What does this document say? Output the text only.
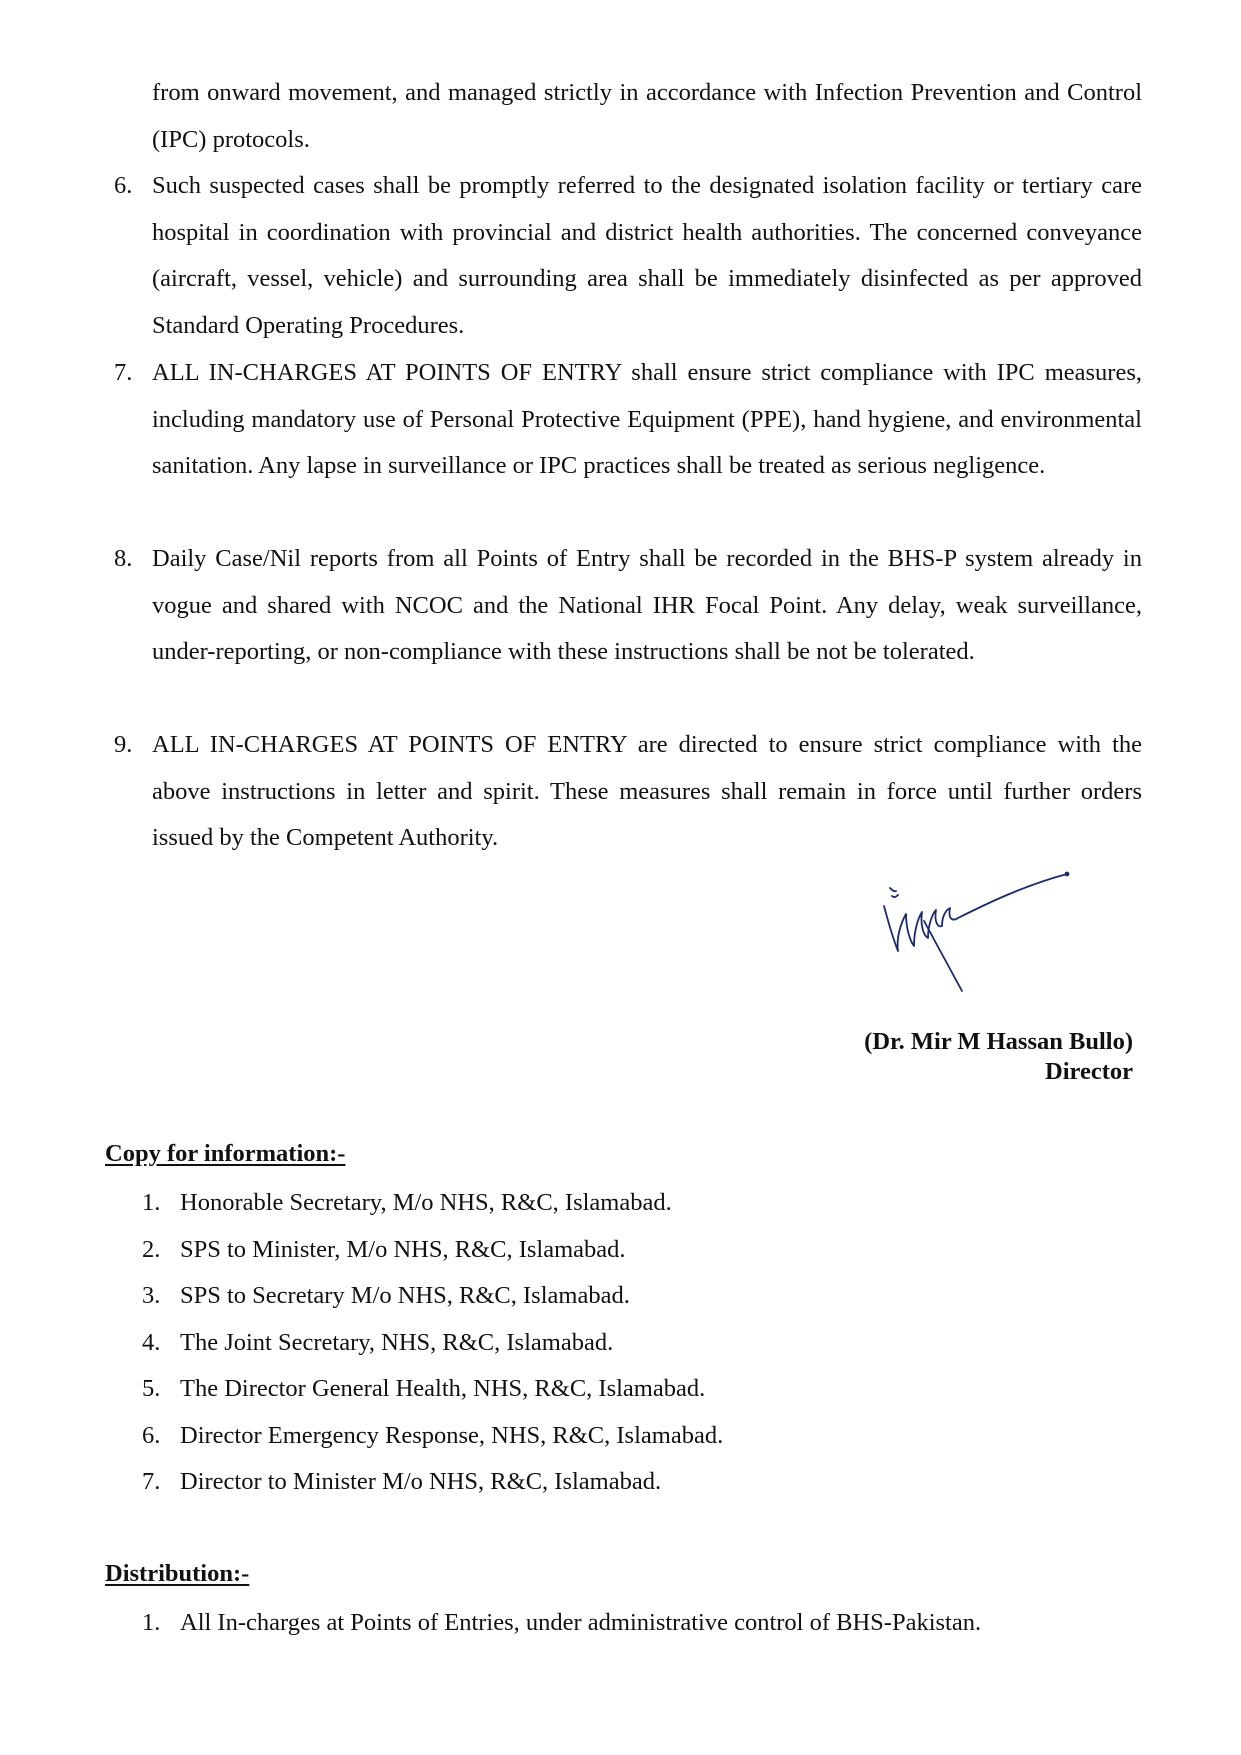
from onward movement, and managed strictly in accordance with Infection Prevention and Control (IPC) protocols.
6. Such suspected cases shall be promptly referred to the designated isolation facility or tertiary care hospital in coordination with provincial and district health authorities. The concerned conveyance (aircraft, vessel, vehicle) and surrounding area shall be immediately disinfected as per approved Standard Operating Procedures.
7. ALL IN-CHARGES AT POINTS OF ENTRY shall ensure strict compliance with IPC measures, including mandatory use of Personal Protective Equipment (PPE), hand hygiene, and environmental sanitation. Any lapse in surveillance or IPC practices shall be treated as serious negligence.
8. Daily Case/Nil reports from all Points of Entry shall be recorded in the BHS-P system already in vogue and shared with NCOC and the National IHR Focal Point. Any delay, weak surveillance, under-reporting, or non-compliance with these instructions shall be not be tolerated.
9. ALL IN-CHARGES AT POINTS OF ENTRY are directed to ensure strict compliance with the above instructions in letter and spirit. These measures shall remain in force until further orders issued by the Competent Authority.
(Dr. Mir M Hassan Bullo)
Director
Copy for information:-
1. Honorable Secretary, M/o NHS, R&C, Islamabad.
2. SPS to Minister, M/o NHS, R&C, Islamabad.
3. SPS to Secretary M/o NHS, R&C, Islamabad.
4. The Joint Secretary, NHS, R&C, Islamabad.
5. The Director General Health, NHS, R&C, Islamabad.
6. Director Emergency Response, NHS, R&C, Islamabad.
7. Director to Minister M/o NHS, R&C, Islamabad.
Distribution:-
1. All In-charges at Points of Entries, under administrative control of BHS-Pakistan.
